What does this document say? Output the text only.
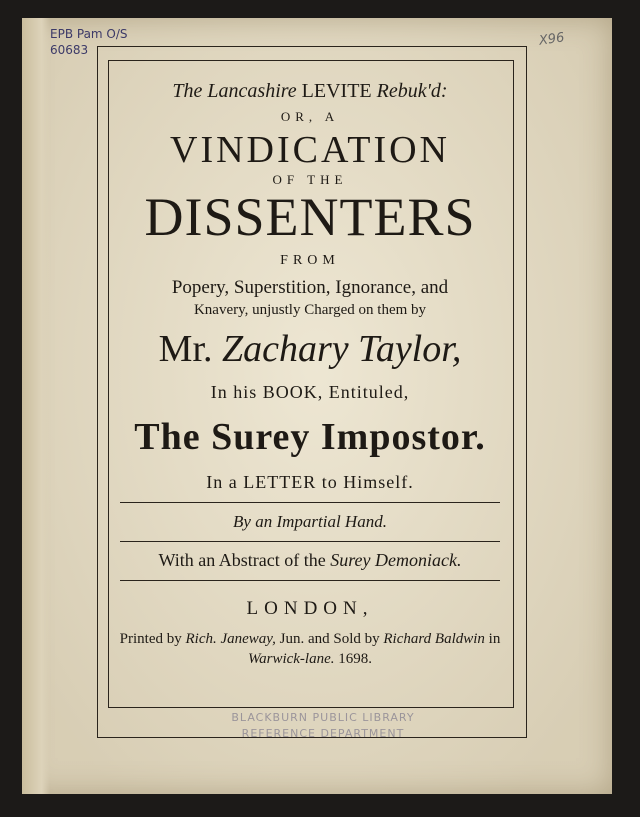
EPB Pam O/S
60683

X96

The Lancashire LEVITE Rebuk'd:

OR, A

VINDICATION

OF THE

DISSENTERS

FROM

Popery, Superstition, Ignorance, and

Knavery, unjustly Charged on them by

Mr. Zachary Taylor,

In his BOOK, Entituled,

The Surey Impostor.

In a LETTER to Himself.

By an Impartial Hand.

With an Abstract of the Surey Demoniack.

LONDON,

Printed by Rich. Janeway, Jun. and Sold by Richard Baldwin in Warwick-lane. 1698.

BLACKBURN PUBLIC LIBRARY

REFERENCE DEPARTMENT
